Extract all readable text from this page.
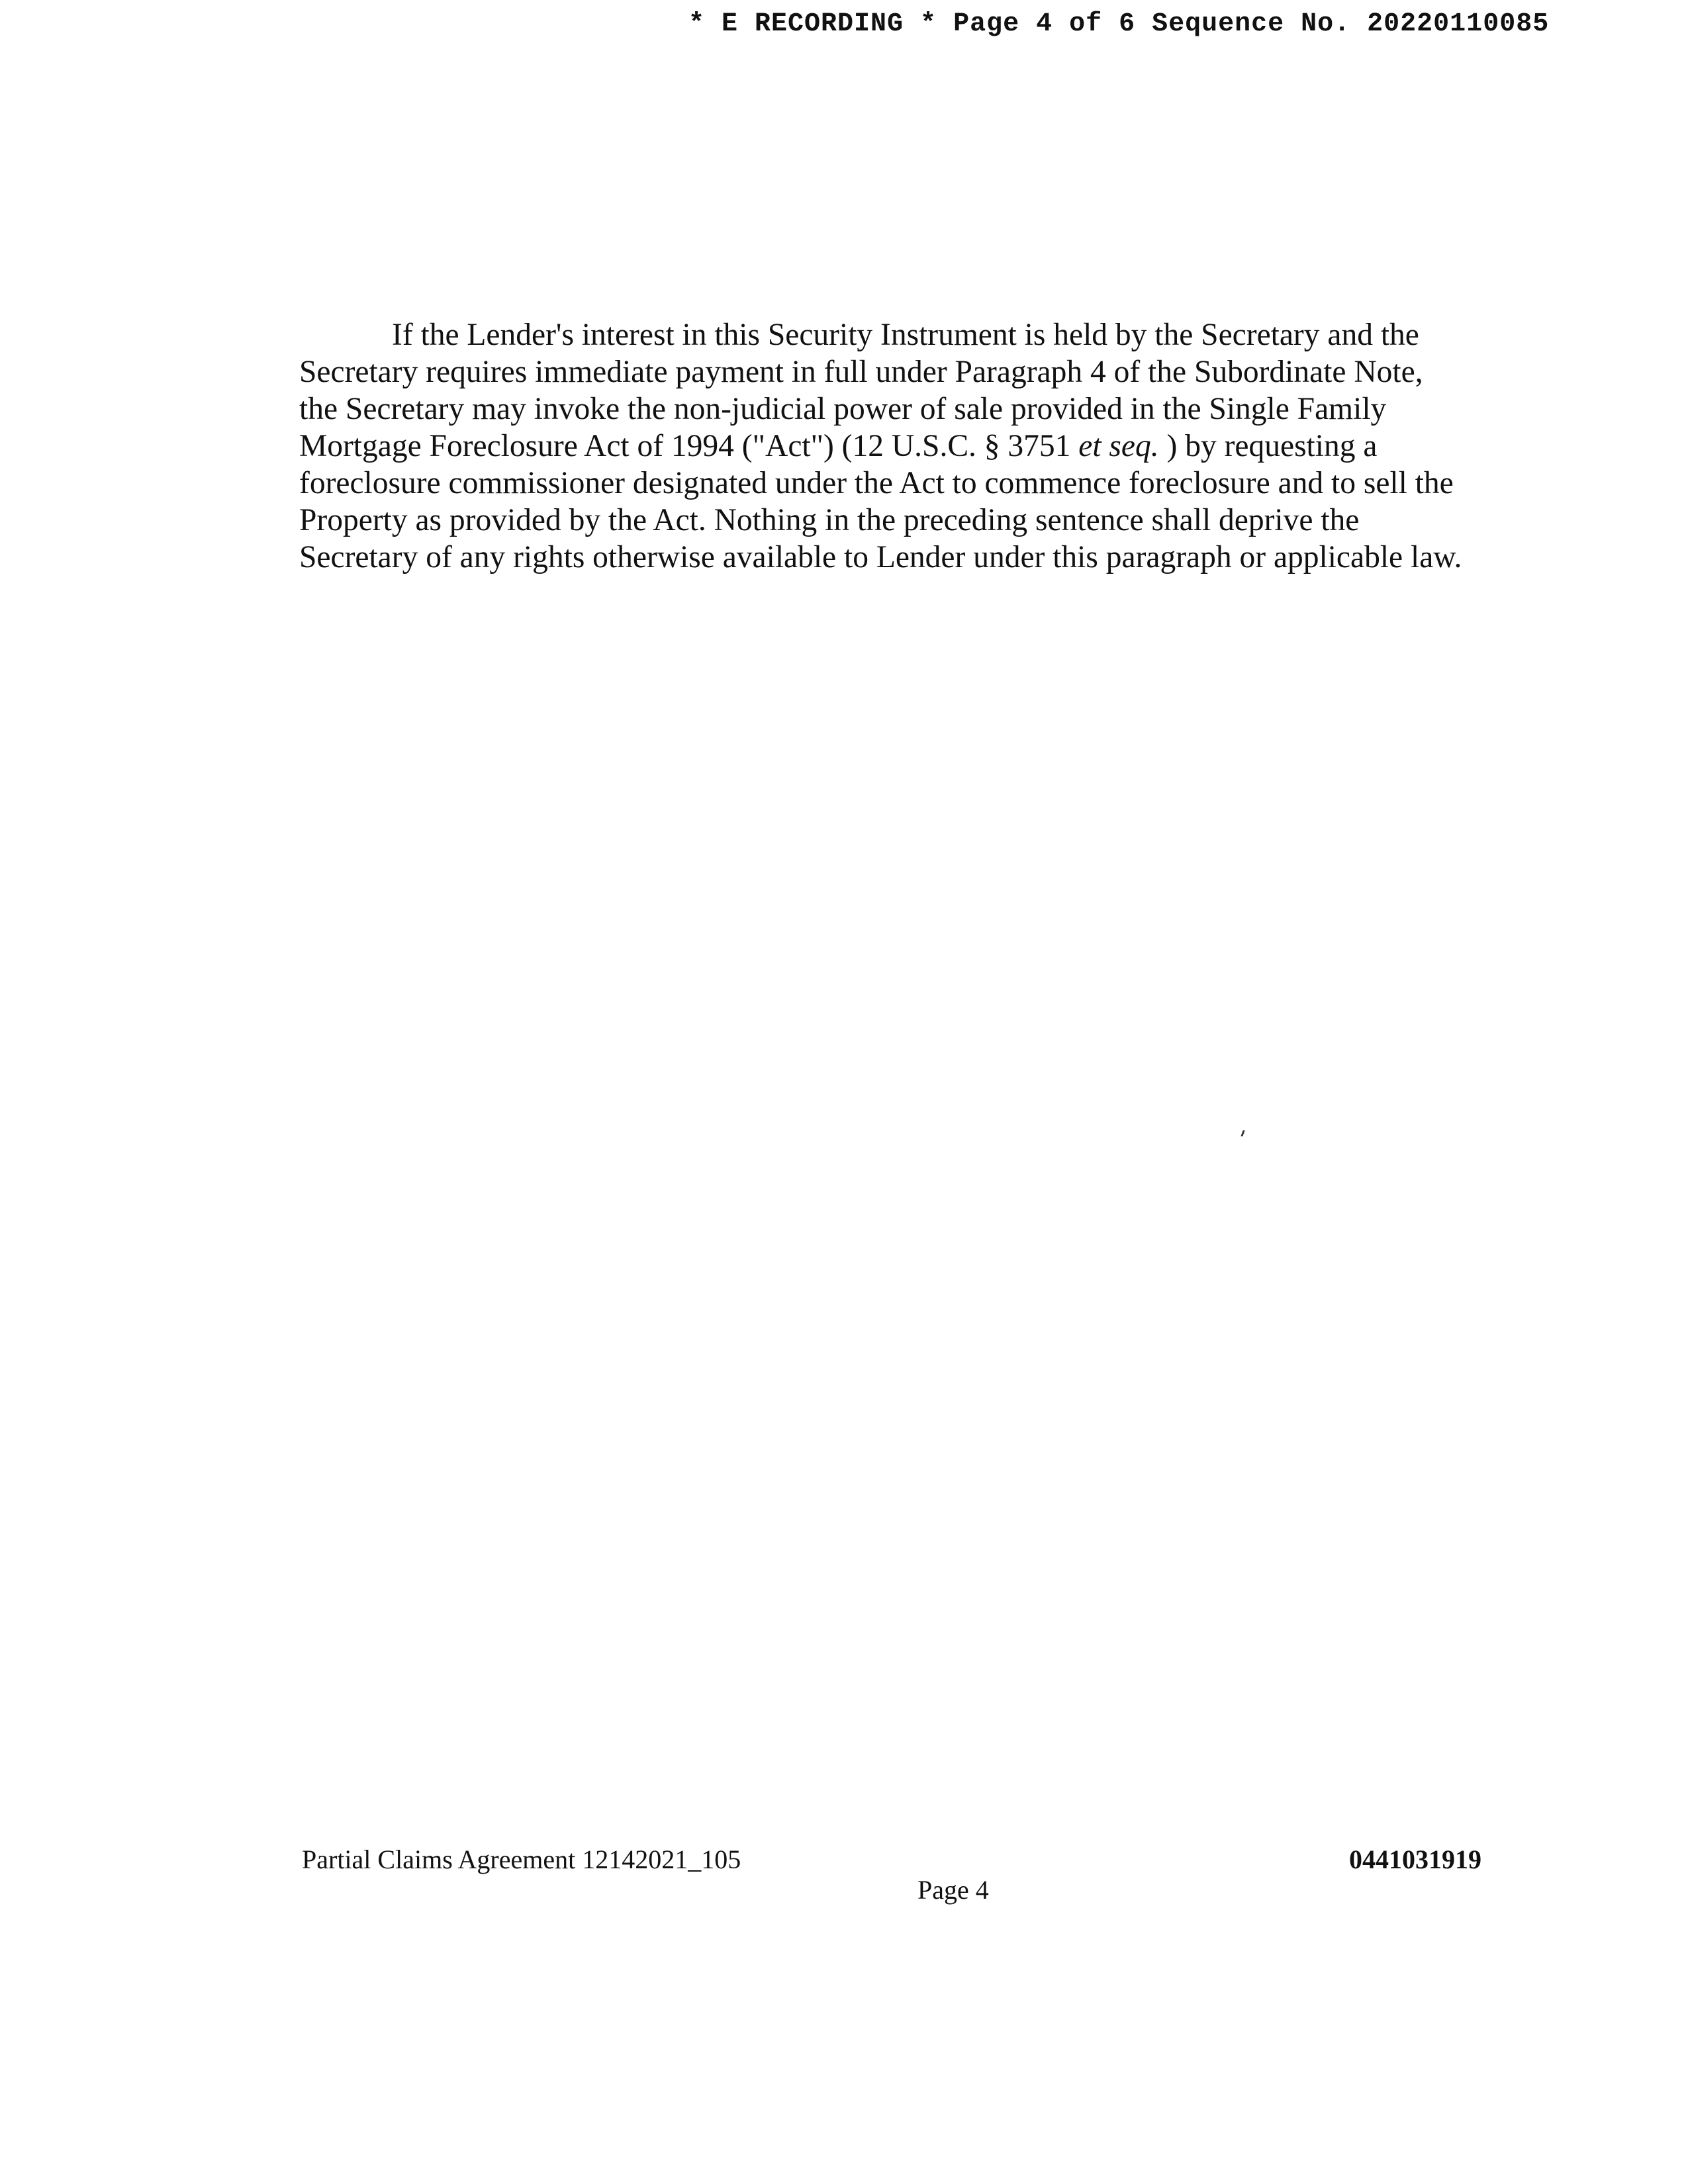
* E RECORDING * Page 4 of 6 Sequence No. 20220110085

If the Lender's interest in this Security Instrument is held by the Secretary and the
Secretary requires immediate payment in full under Paragraph 4 of the Subordinate Note,
the Secretary may invoke the non-judicial power of sale provided in the Single Family
Mortgage Foreclosure Act of 1994 ("Act") (12 U.S.C. § 3751 et seq. ) by requesting a
foreclosure commissioner designated under the Act to commence foreclosure and to sell the
Property as provided by the Act. Nothing in the preceding sentence shall deprive the
Secretary of any rights otherwise available to Lender under this paragraph or applicable law.

Partial Claims Agreement 12142021_105	0441031919
Page 4
